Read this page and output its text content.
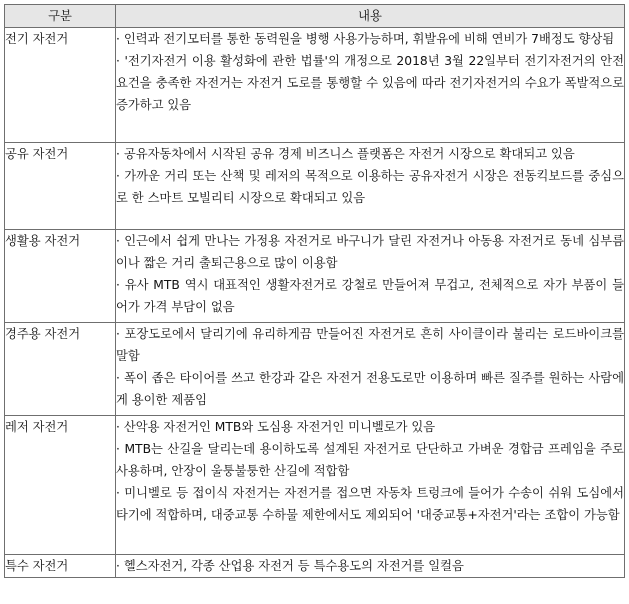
구분	내용
전기 자전거	· 인력과 전기모터를 통한 동력원을 병행 사용가능하며, 휘발유에 비해 연비가 7배정도 향상됨

· '전기자전거 이용 활성화에 관한 법률'의 개정으로 2018년 3월 22일부터 전기자전거의 안전요건을 충족한 자전거는 자전거 도로를 통행할 수 있음에 따라 전기자전거의 수요가 폭발적으로 증가하고 있음

공유 자전거	· 공유자동차에서 시작된 공유 경제 비즈니스 플랫폼은 자전거 시장으로 확대되고 있음

· 가까운 거리 또는 산책 및 레저의 목적으로 이용하는 공유자전거 시장은 전동킥보드를 중심으로 한 스마트 모빌리티 시장으로 확대되고 있음

생활용 자전거	· 인근에서 쉽게 만나는 가정용 자전거로 바구니가 달린 자전거나 아동용 자전거로 동네 심부름이나 짧은 거리 출퇴근용으로 많이 이용함

· 유사 MTB 역시 대표적인 생활자전거로 강철로 만들어져 무겁고, 전체적으로 자가 부품이 들어가 가격 부담이 없음

경주용 자전거	· 포장도로에서 달리기에 유리하게끔 만들어진 자전거로 흔히 사이클이라 불리는 로드바이크를 말함

· 폭이 좁은 타이어를 쓰고 한강과 같은 자전거 전용도로만 이용하며 빠른 질주를 원하는 사람에게 용이한 제품임

레저 자전거	· 산악용 자전거인 MTB와 도심용 자전거인 미니벨로가 있음

· MTB는 산길을 달리는데 용이하도록 설계된 자전거로 단단하고 가벼운 경합금 프레임을 주로 사용하며, 안장이 울퉁불퉁한 산길에 적합함

· 미니벨로 등 접이식 자전거는 자전거를 접으면 자동차 트렁크에 들어가 수송이 쉬워 도심에서 타기에 적합하며, 대중교통 수하물 제한에서도 제외되어 '대중교통+자전거'라는 조합이 가능함

특수 자전거	· 헬스자전거, 각종 산업용 자전거 등 특수용도의 자전거를 일컬음
